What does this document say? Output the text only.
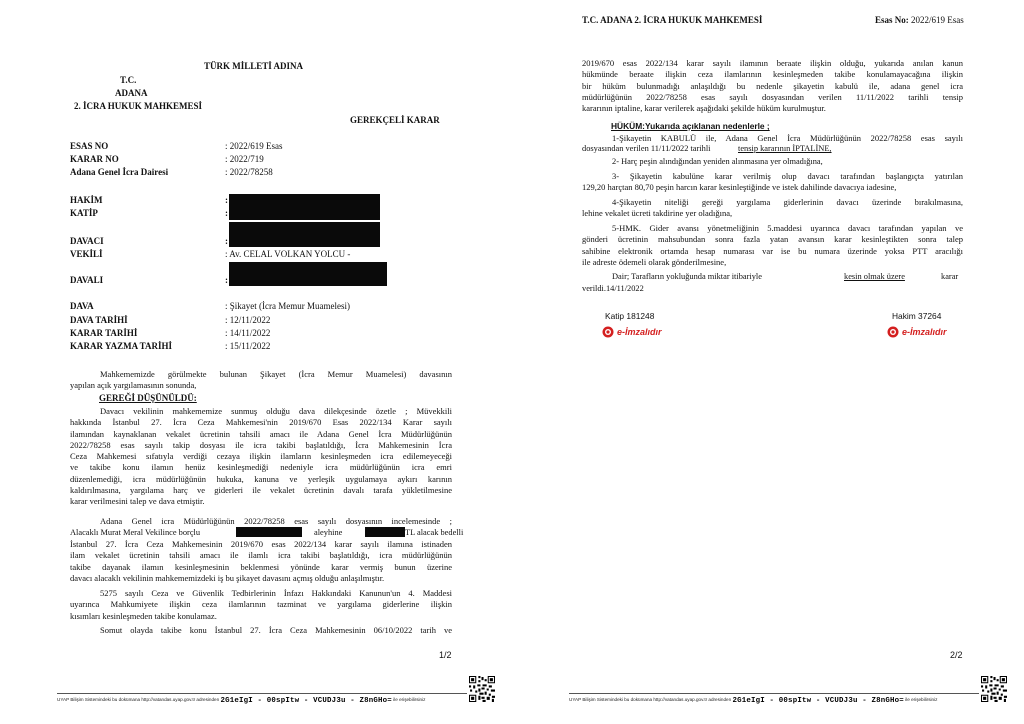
TÜRK MİLLETİ ADINA
T.C.
ADANA
2. İCRA HUKUK MAHKEMESİ
GEREKÇELİ KARAR
ESAS NO	: 2022/619 Esas
KARAR NO	: 2022/719
Adana Genel İcra Dairesi	: 2022/78258
HAKİM	:
KATİP	:
DAVACI	:
VEKİLİ	: Av. CELAL VOLKAN YOLCU -
DAVALI	:
DAVA	: Şikayet (İcra Memur Muamelesi)
DAVA TARİHİ	: 12/11/2022
KARAR TARİHİ	: 14/11/2022
KARAR YAZMA TARİHİ	: 15/11/2022
Mahkememizde görülmekte bulunan Şikayet (İcra Memur Muamelesi) davasının
yapılan açık yargılamasının sonunda,
GEREĞİ DÜŞÜNÜLDÜ:
Davacı vekilinin mahkememize sunmuş olduğu dava dilekçesinde özetle ; Müvekkili
hakkında İstanbul 27. İcra Ceza Mahkemesi'nin 2019/670 Esas 2022/134 Karar sayılı
ilamından kaynaklanan vekalet ücretinin tahsili amacı ile Adana Genel İcra Müdürlüğünün
2022/78258 esas sayılı takip dosyası ile icra takibi başlatıldığı, İcra Mahkemesinin İcra
Ceza Mahkemesi sıfatıyla verdiği cezaya ilişkin ilamların kesinleşmeden icra edilemeyeceği
ve takibe konu ilamın henüz kesinleşmediği nedeniyle icra müdürlüğünün icra emri
düzenlemediği, icra müdürlüğünün hukuka, kanuna ve yerleşik uygulamaya aykırı karının
kaldırılmasına, yargılama harç ve giderleri ile vekalet ücretinin davalı tarafa yükletilmesine
karar verilmesini talep ve dava etmiştir.
Adana Genel icra Müdürlüğünün 2022/78258 esas sayılı dosyasının incelemesinde ;
Alacaklı Murat Meral Vekilince borçlu	aleyhine	TL alacak bedelli
İstanbul 27. İcra Ceza Mahkemesinin 2019/670 esas 2022/134 karar sayılı ilamına istinaden
ilam vekalet ücretinin tahsili amacı ile ilamlı icra takibi başlatıldığı, icra müdürlüğünün
takibe dayanak ilamın kesinleşmesinin beklenmesi yönünde karar vermiş bunun üzerine
davacı alacaklı vekilinin mahkememizdeki iş bu şikayet davasını açmış olduğu anlaşılmıştır.
5275 sayılı Ceza ve Güvenlik Tedbirlerinin İnfazı Hakkındaki Kanunun'un 4. Maddesi
uyarınca Mahkumiyete ilişkin ceza ilamlarının tazminat ve yargılama giderlerine ilişkin
kısımları kesinleşmeden takibe konulamaz.
Somut olayda takibe konu İstanbul 27. İcra Ceza Mahkemesinin 06/10/2022 tarih ve
1/2
UYAP Bilişim Sistemindeki bu dokümana http://vatandas.uyap.gov.tr adresinden 2G1eIgI - 00spItw - VCUDJ3u - Z8nGHo= ile erişebilirsiniz
T.C. ADANA 2. İCRA HUKUK MAHKEMESİ	Esas No: 2022/619 Esas
2019/670 esas 2022/134 karar sayılı ilamının beraate ilişkin olduğu, yukarıda anılan kanun
hükmünde beraate ilişkin ceza ilamlarının kesinleşmeden takibe konulamayacağına ilişkin
bir hüküm bulunmadığı anlaşıldığı bu nedenle şikayetin kabulü ile, adana genel icra
müdürlüğünün 2022/78258 esas sayılı dosyasından verilen 11/11/2022 tarihli tensip
kararının iptaline, karar verilerek aşağıdaki şekilde hüküm kurulmuştur.
HÜKÜM:Yukarıda açıklanan nedenlerle ;
1-Şikayetin KABULÜ ile, Adana Genel İcra Müdürlüğünün 2022/78258 esas sayılı
dosyasından verilen 11/11/2022 tarihli	tensip kararının İPTALİNE,
2- Harç peşin alındığından yeniden alınmasına yer olmadığına,
3- Şikayetin kabulüne karar verilmiş olup davacı tarafından başlangıçta yatırılan
129,20 harçtan 80,70 peşin harcın karar kesinleştiğinde ve istek dahilinde davacıya iadesine,
4-Şikayetin niteliği gereği yargılama giderlerinin davacı üzerinde bırakılmasına,
lehine vekalet ücreti takdirine yer oladığına,
5-HMK. Gider avansı yönetmeliğinin 5.maddesi uyarınca davacı tarafından yapılan ve
gönderi ücretinin mahsubundan sonra fazla yatan avansın karar kesinleştikten sonra talep
sahibine elektronik ortamda hesap numarası var ise bu numara üzerinde yoksa PTT aracılığı
ile adreste ödemeli olarak gönderilmesine,
Dair; Tarafların yokluğunda miktar itibariyle	kesin olmak üzere	karar
verildi.14/11/2022
Katip 181248	Hakim 37264
e-İmzalıdır	e-İmzalıdır
2/2
UYAP Bilişim Sistemindeki bu dokümana http://vatandas.uyap.gov.tr adresinden 2G1eIgI - 00spItw - VCUDJ3u - Z8nGHo= ile erişebilirsiniz
